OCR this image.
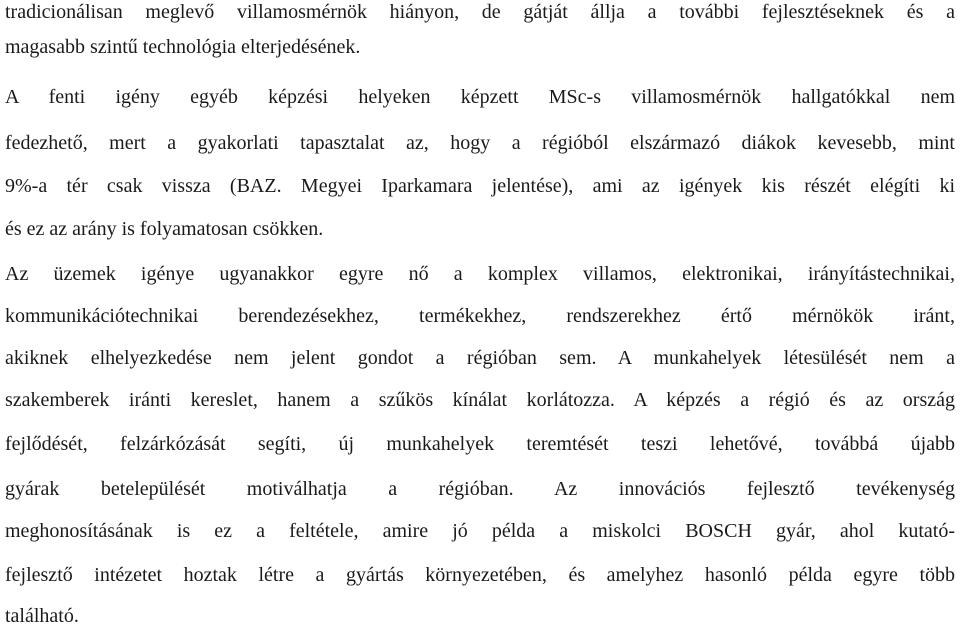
tradicionálisan meglevő villamosmérnök hiányon, de gátját állja a további fejlesztéseknek és a
magasabb szintű technológia elterjedésének.
A fenti igény egyéb képzési helyeken képzett MSc-s villamosmérnök hallgatókkal nem
fedezhető, mert a gyakorlati tapasztalat az, hogy a régióból elszármazó diákok kevesebb, mint
9%-a tér csak vissza (BAZ. Megyei Iparkamara jelentése), ami az igények kis részét elégíti ki
és ez az arány is folyamatosan csökken.
Az üzemek igénye ugyanakkor egyre nő a komplex villamos, elektronikai, irányítástechnikai,
kommunikációtechnikai berendezésekhez, termékekhez, rendszerekhez értő mérnökök iránt,
akiknek elhelyezkedése nem jelent gondot a régióban sem. A munkahelyek létesülését nem a
szakemberek iránti kereslet, hanem a szűkös kínálat korlátozza. A képzés a régió és az ország
fejlődését, felzárkózását segíti, új munkahelyek teremtését teszi lehetővé, továbbá újabb
gyárak betelepülését motiválhatja a régióban. Az innovációs fejlesztő tevékenység
meghonosításának is ez a feltétele, amire jó példa a miskolci BOSCH gyár, ahol kutató-
fejlesztő intézetet hoztak létre a gyártás környezetében, és amelyhez hasonló példa egyre több
található.
